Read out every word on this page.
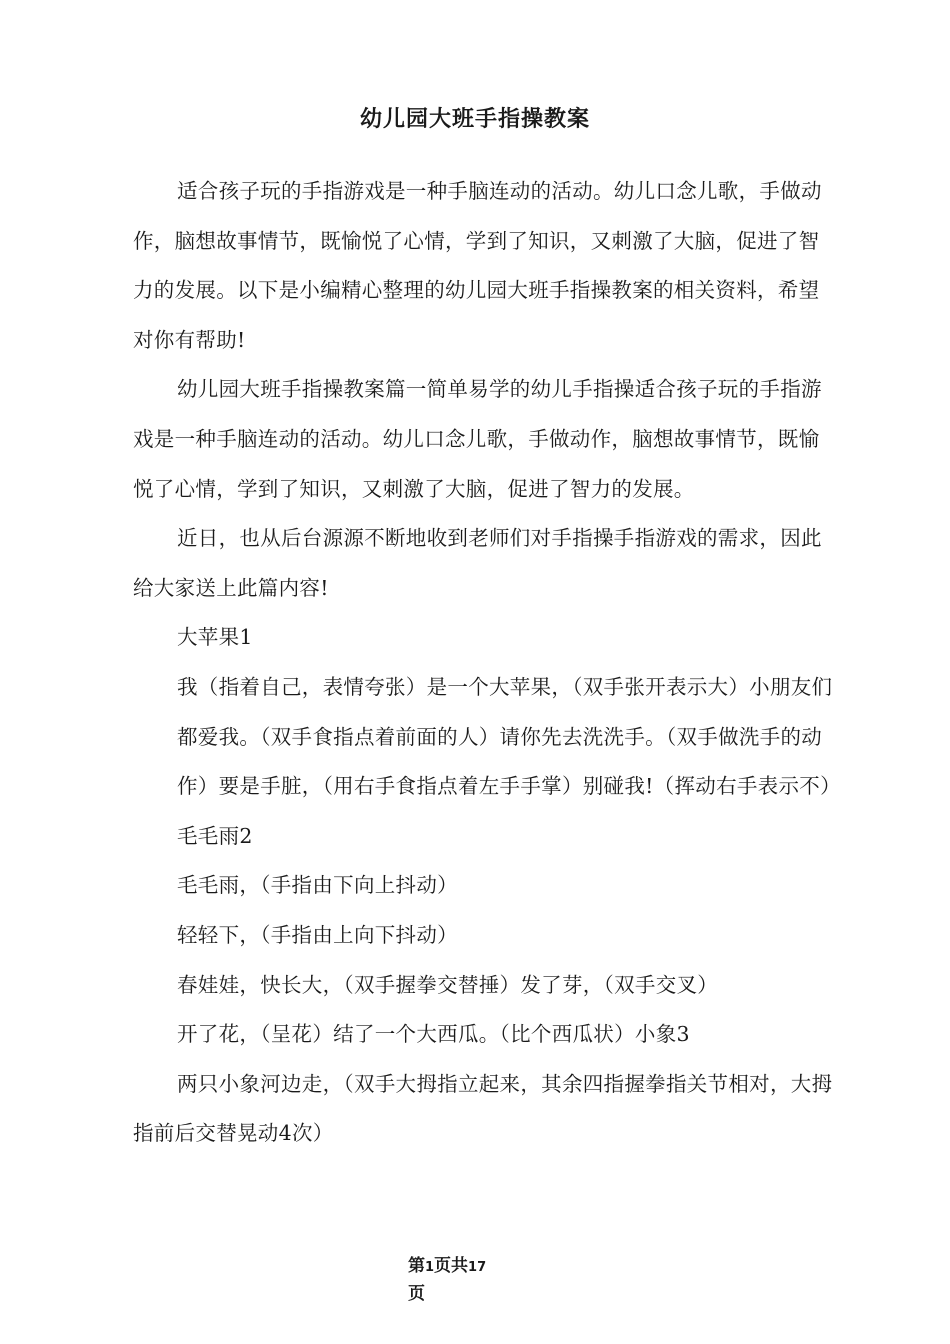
幼儿园大班手指操教案

适合孩子玩的手指游戏是一种手脑连动的活动。幼儿口念儿歌，手做动作，脑想故事情节，既愉悦了心情，学到了知识，又刺激了大脑，促进了智力的发展。以下是小编精心整理的幼儿园大班手指操教案的相关资料，希望对你有帮助!

幼儿园大班手指操教案篇一简单易学的幼儿手指操适合孩子玩的手指游戏是一种手脑连动的活动。幼儿口念儿歌，手做动作，脑想故事情节，既愉悦了心情，学到了知识，又刺激了大脑，促进了智力的发展。

近日，也从后台源源不断地收到老师们对手指操手指游戏的需求，因此给大家送上此篇内容!

大苹果1

我（指着自己，表情夸张）是一个大苹果，（双手张开表示大）小朋友们都爱我。（双手食指点着前面的人）请你先去洗洗手。（双手做洗手的动作）要是手脏，（用右手食指点着左手手掌）别碰我!（挥动右手表示不）

毛毛雨2

毛毛雨，（手指由下向上抖动）

轻轻下，（手指由上向下抖动）

春娃娃，快长大，（双手握拳交替捶）发了芽，（双手交叉）

开了花，（呈花）结了一个大西瓜。（比个西瓜状）小象3

两只小象河边走，（双手大拇指立起来，其余四指握拳指关节相对，大拇指前后交替晃动4次）

第1页共17
页
